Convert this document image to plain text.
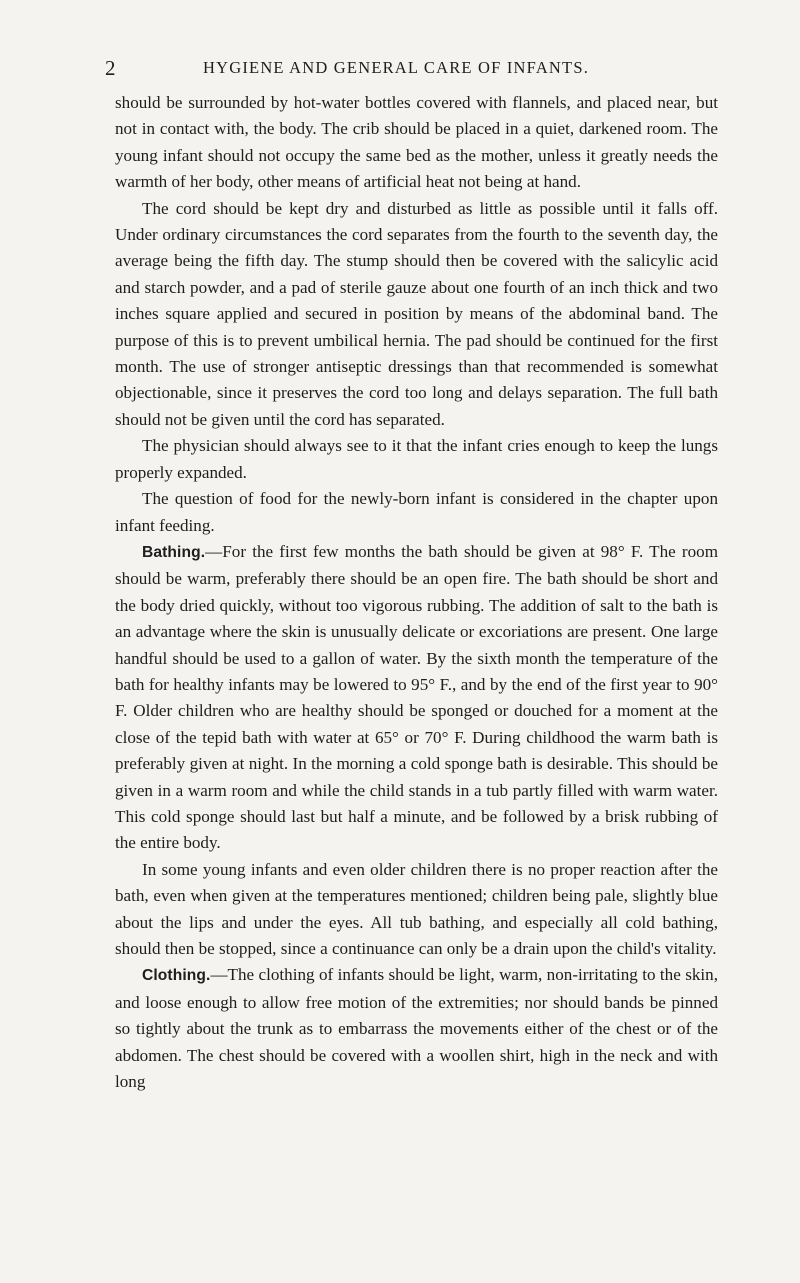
2	HYGIENE AND GENERAL CARE OF INFANTS.

should be surrounded by hot-water bottles covered with flannels, and placed near, but not in contact with, the body. The crib should be placed in a quiet, darkened room. The young infant should not occupy the same bed as the mother, unless it greatly needs the warmth of her body, other means of artificial heat not being at hand.

The cord should be kept dry and disturbed as little as possible until it falls off. Under ordinary circumstances the cord separates from the fourth to the seventh day, the average being the fifth day. The stump should then be covered with the salicylic acid and starch powder, and a pad of sterile gauze about one fourth of an inch thick and two inches square applied and secured in position by means of the abdominal band. The purpose of this is to prevent umbilical hernia. The pad should be continued for the first month. The use of stronger antiseptic dressings than that recommended is somewhat objectionable, since it preserves the cord too long and delays separation. The full bath should not be given until the cord has separated.

The physician should always see to it that the infant cries enough to keep the lungs properly expanded.

The question of food for the newly-born infant is considered in the chapter upon infant feeding.

Bathing.—For the first few months the bath should be given at 98° F. The room should be warm, preferably there should be an open fire. The bath should be short and the body dried quickly, without too vigorous rubbing. The addition of salt to the bath is an advantage where the skin is unusually delicate or excoriations are present. One large handful should be used to a gallon of water. By the sixth month the temperature of the bath for healthy infants may be lowered to 95° F., and by the end of the first year to 90° F. Older children who are healthy should be sponged or douched for a moment at the close of the tepid bath with water at 65° or 70° F. During childhood the warm bath is preferably given at night. In the morning a cold sponge bath is desirable. This should be given in a warm room and while the child stands in a tub partly filled with warm water. This cold sponge should last but half a minute, and be followed by a brisk rubbing of the entire body.

In some young infants and even older children there is no proper reaction after the bath, even when given at the temperatures mentioned; children being pale, slightly blue about the lips and under the eyes. All tub bathing, and especially all cold bathing, should then be stopped, since a continuance can only be a drain upon the child's vitality.

Clothing.—The clothing of infants should be light, warm, non-irritating to the skin, and loose enough to allow free motion of the extremities; nor should bands be pinned so tightly about the trunk as to embarrass the movements either of the chest or of the abdomen. The chest should be covered with a woollen shirt, high in the neck and with long
